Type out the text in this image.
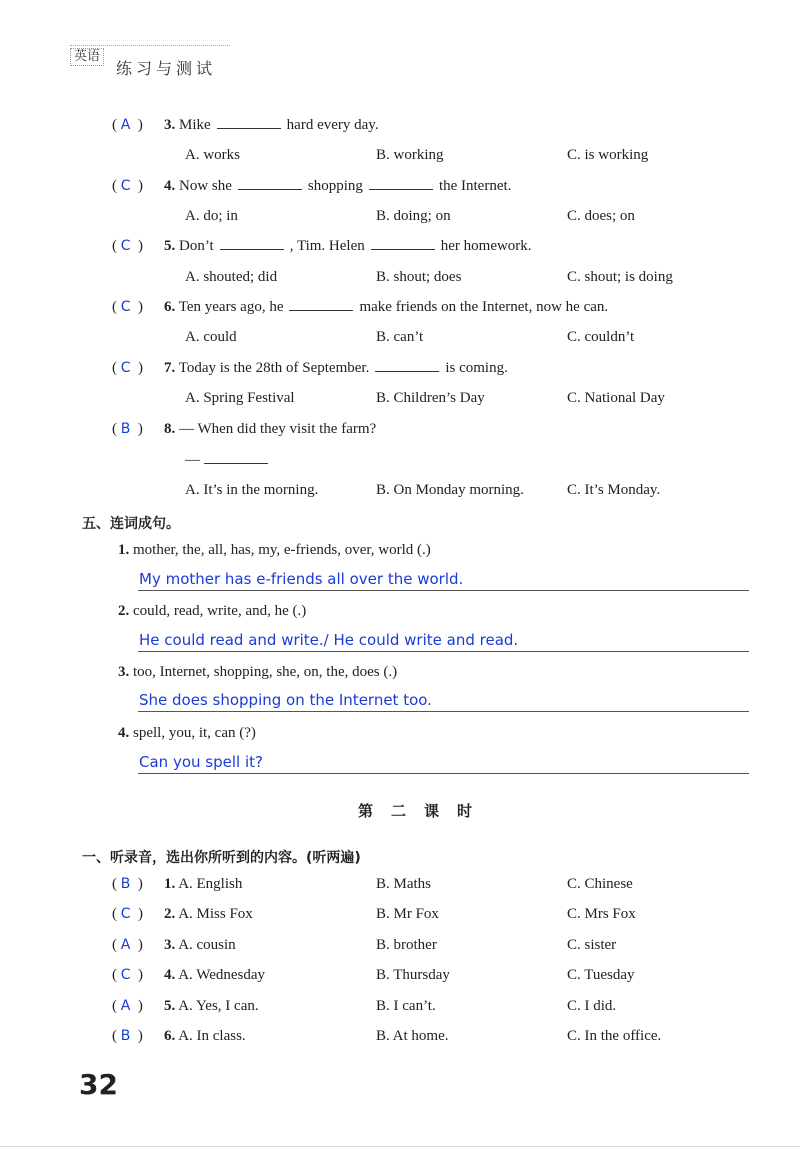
英语
练习与测试
( A  ) 3. Mike	hard every day.
A. works	B. working	C. is working
( C  ) 4. Now she	shopping	the Internet.
A. do; in	B. doing; on	C. does; on
( C  ) 5. Don’t	, Tim. Helen	her homework.
A. shouted; did	B. shout; does	C. shout; is doing
( C  ) 6. Ten years ago, he	make friends on the Internet, now he can.
A. could	B. can’t	C. couldn’t
( C  ) 7. Today is the 28th of September.	is coming.
A. Spring Festival	B. Children’s Day	C. National Day
( B  ) 8. — When did they visit the farm?
—
A. It’s in the morning.	B. On Monday morning.	C. It’s Monday.
五、连词成句。
1. mother, the, all, has, my, e-friends, over, world (.)
My mother has e-friends all over the world.
2. could, read, write, and, he (.)
He could read and write./ He could write and read.
3. too, Internet, shopping, she, on, the, does (.)
She does shopping on the Internet too.
4. spell, you, it, can (?)
Can you spell it?
第二课时
一、听录音，选出你所听到的内容。(听两遍)
( B  ) 1. A. English	B. Maths	C. Chinese
( C  ) 2. A. Miss Fox	B. Mr Fox	C. Mrs Fox
( A  ) 3. A. cousin	B. brother	C. sister
( C  ) 4. A. Wednesday	B. Thursday	C. Tuesday
( A  ) 5. A. Yes, I can.	B. I can’t.	C. I did.
( B  ) 6. A. In class.	B. At home.	C. In the office.
32
